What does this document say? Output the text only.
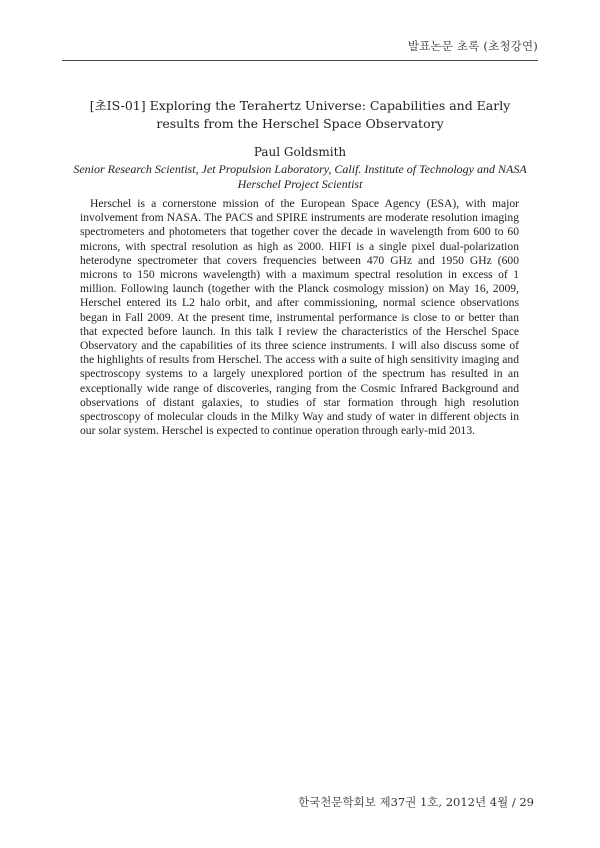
발표논문 초록 (초청강연)
[초IS-01] Exploring the Terahertz Universe: Capabilities and Early results from the Herschel Space Observatory
Paul Goldsmith
Senior Research Scientist, Jet Propulsion Laboratory, Calif. Institute of Technology and NASA Herschel Project Scientist

Herschel is a cornerstone mission of the European Space Agency (ESA), with major involvement from NASA. The PACS and SPIRE instruments are moderate resolution imaging spectrometers and photometers that together cover the decade in wavelength from 600 to 60 microns, with spectral resolution as high as 2000. HIFI is a single pixel dual-polarization heterodyne spectrometer that covers frequencies between 470 GHz and 1950 GHz (600 microns to 150 microns wavelength) with a maximum spectral resolution in excess of 1 million. Following launch (together with the Planck cosmology mission) on May 16, 2009, Herschel entered its L2 halo orbit, and after commissioning, normal science observations began in Fall 2009. At the present time, instrumental performance is close to or better than that expected before launch. In this talk I review the characteristics of the Herschel Space Observatory and the capabilities of its three science instruments. I will also discuss some of the highlights of results from Herschel. The access with a suite of high sensitivity imaging and spectroscopy systems to a largely unexplored portion of the spectrum has resulted in an exceptionally wide range of discoveries, ranging from the Cosmic Infrared Background and observations of distant galaxies, to studies of star formation through high resolution spectroscopy of molecular clouds in the Milky Way and study of water in different objects in our solar system. Herschel is expected to continue operation through early-mid 2013.

한국천문학회보 제37권 1호, 2012년 4월 / 29
